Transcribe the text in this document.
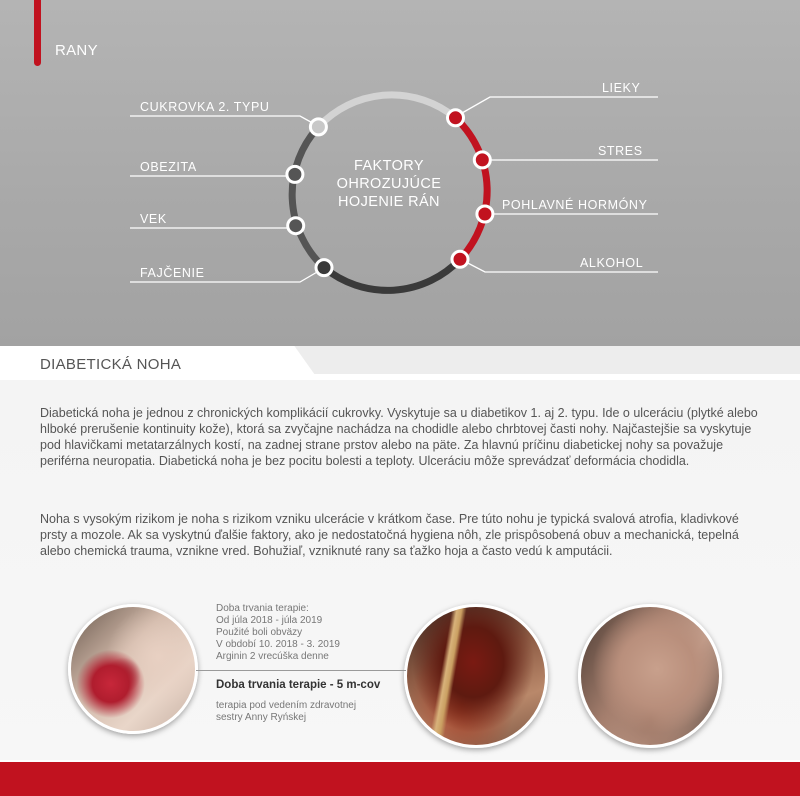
RANY
FAKTORY
OHROZUJÚCE
HOJENIE RÁN
CUKROVKA 2. TYPU
OBEZITA
VEK
FAJČENIE
LIEKY
STRES
POHLAVNÉ HORMÓNY
ALKOHOL
DIABETICKÁ NOHA
Diabetická noha je jednou z chronických komplikácií cukrovky. Vyskytuje sa u diabetikov 1. aj 2. typu. Ide o ulceráciu (plytké alebo hlboké prerušenie kontinuity kože), ktorá sa zvyčajne nachádza na chodidle alebo chrbtovej časti nohy. Najčastejšie sa vyskytuje pod hlavičkami metatarzálnych kostí, na zadnej strane prstov alebo na päte. Za hlavnú príčinu diabetickej nohy sa považuje periférna neuropatia. Diabetická noha je bez pocitu bolesti a teploty. Ulceráciu môže sprevádzať deformácia chodidla.
Noha s vysokým rizikom je noha s rizikom vzniku ulcerácie v krátkom čase. Pre túto nohu je typická svalová atrofia, kladivkové prsty a mozole. Ak sa vyskytnú ďalšie faktory, ako je nedostatočná hygiena nôh, zle prispôsobená obuv a mechanická, tepelná alebo chemická trauma, vznikne vred. Bohužiaľ, vzniknuté rany sa ťažko hoja a často vedú k amputácii.
Doba trvania terapie:
Od júla 2018 - júla 2019
Použité boli obväzy
V období 10. 2018 - 3. 2019
Arginin 2 vrecúška denne
Doba trvania terapie - 5 m-cov
terapia pod vedením zdravotnej
sestry Anny Ryńskej
